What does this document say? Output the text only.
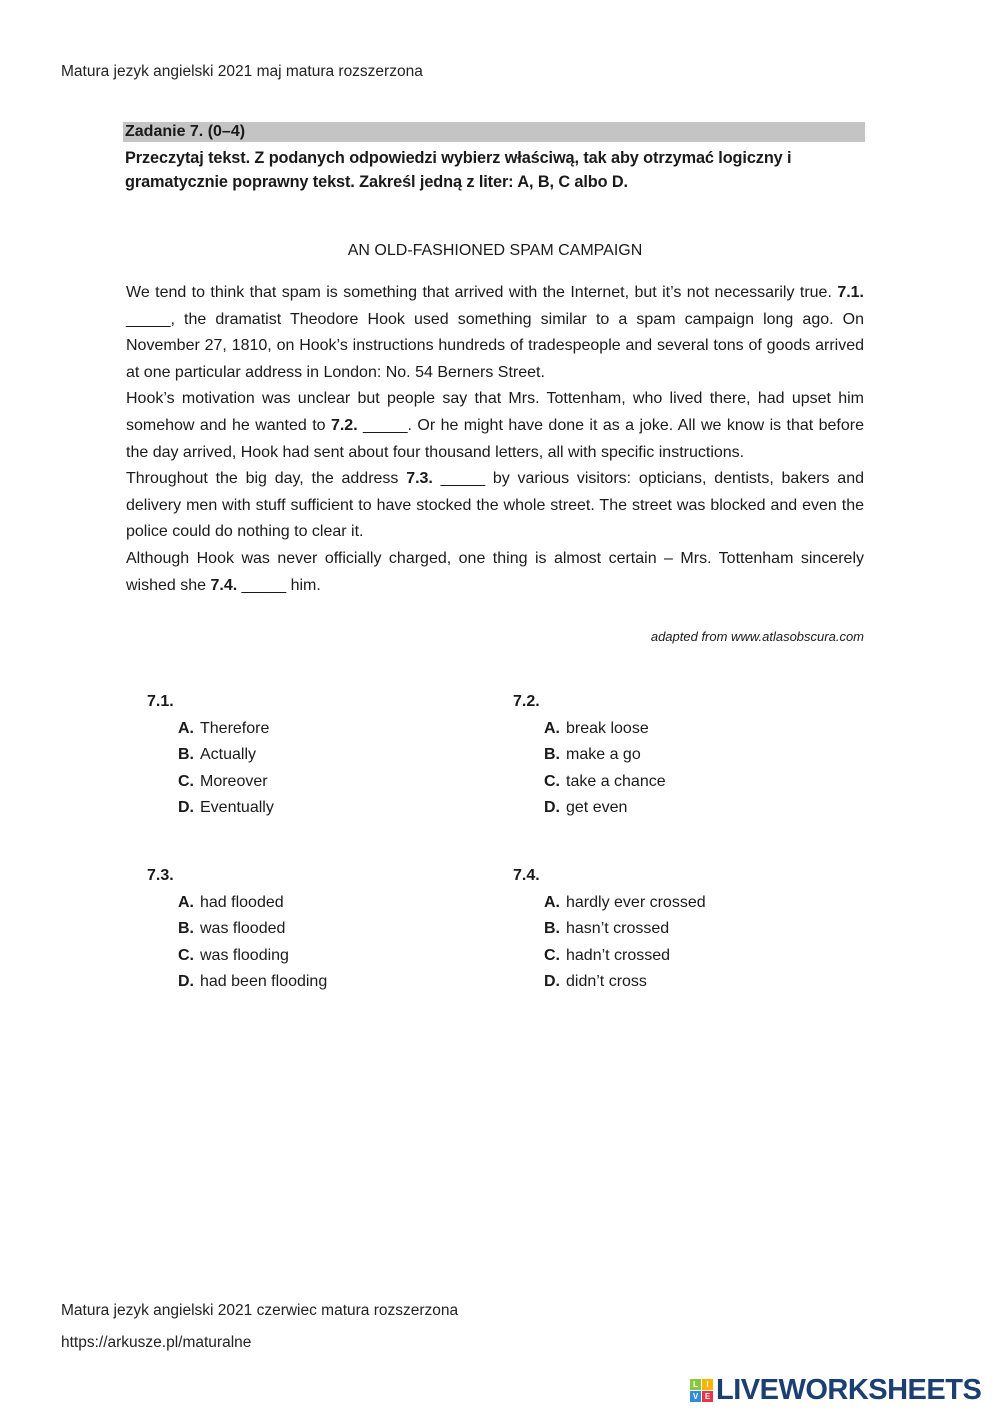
Matura jezyk angielski 2021 maj matura rozszerzona
Zadanie 7. (0–4)
Przeczytaj tekst. Z podanych odpowiedzi wybierz właściwą, tak aby otrzymać logiczny i gramatycznie poprawny tekst. Zakreśl jedną z liter: A, B, C albo D.
AN OLD-FASHIONED SPAM CAMPAIGN

We tend to think that spam is something that arrived with the Internet, but it’s not necessarily true. 7.1. _____, the dramatist Theodore Hook used something similar to a spam campaign long ago. On November 27, 1810, on Hook’s instructions hundreds of tradespeople and several tons of goods arrived at one particular address in London: No. 54 Berners Street.

Hook’s motivation was unclear but people say that Mrs. Tottenham, who lived there, had upset him somehow and he wanted to 7.2. _____. Or he might have done it as a joke. All we know is that before the day arrived, Hook had sent about four thousand letters, all with specific instructions.

Throughout the big day, the address 7.3. _____ by various visitors: opticians, dentists, bakers and delivery men with stuff sufficient to have stocked the whole street. The street was blocked and even the police could do nothing to clear it.

Although Hook was never officially charged, one thing is almost certain – Mrs. Tottenham sincerely wished she 7.4. _____ him.

adapted from www.atlasobscura.com
7.1.
A. Therefore
B. Actually
C. Moreover
D. Eventually
7.2.
A. break loose
B. make a go
C. take a chance
D. get even
7.3.
A. had flooded
B. was flooded
C. was flooding
D. had been flooding
7.4.
A. hardly ever crossed
B. hasn’t crossed
C. hadn’t crossed
D. didn’t cross
Matura jezyk angielski 2021 czerwiec matura rozszerzona
https://arkusze.pl/maturalne
L	I
V E LIVEWORKSHEETS
